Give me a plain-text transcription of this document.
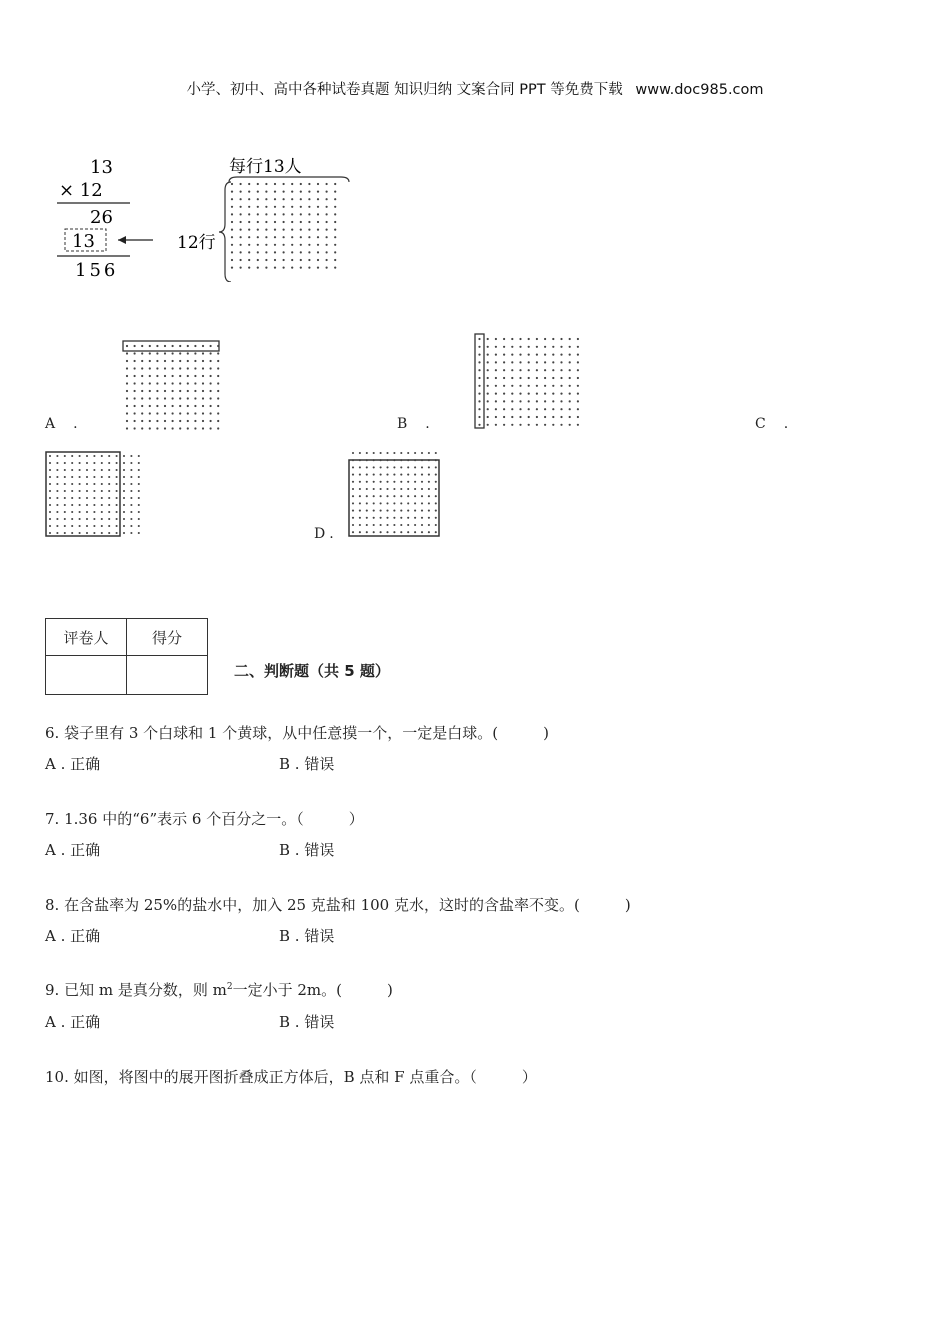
小学、初中、高中各种试卷真题 知识归纳 文案合同 PPT 等免费下载 www.doc985.com
13
× 12
26
13
156
每行13人
12行
A .	B .	C .
D .
评卷人	得分

二、判断题（共 5 题）
6. 袋子里有 3 个白球和 1 个黄球，从中任意摸一个，一定是白球。(　　　)
A . 正确	B . 错误
7. 1.36 中的“6”表示 6 个百分之一。（　　　）
A . 正确	B . 错误
8. 在含盐率为 25%的盐水中，加入 25 克盐和 100 克水，这时的含盐率不变。(　　　)
A . 正确	B . 错误
9. 已知 m 是真分数，则 $m^2$一定小于 2m。(　　　)
A . 正确	B . 错误
10. 如图，将图中的展开图折叠成正方体后，B 点和 F 点重合。（　　　）
